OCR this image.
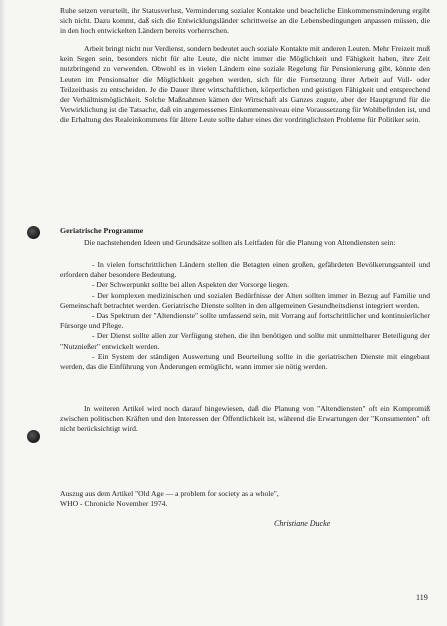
Ruhe setzen verurteilt, ihr Statusverlust, Verminderung sozialer Kontakte und beachtliche Einkommensminderung ergibt sich nicht. Dazu kommt, daß sich die Entwicklungsländer schrittweise an die Lebensbedingungen anpassen müssen, die in den hoch entwickelten Ländern bereits vorherrschen.

Arbeit bringt nicht nur Verdienst, sondern bedeutet auch soziale Kontakte mit anderen Leuten. Mehr Freizeit muß kein Segen sein, besonders nicht für alte Leute, die nicht immer die Möglichkeit und Fähigkeit haben, ihre Zeit nutzbringend zu verwenden. Obwohl es in vielen Ländern eine soziale Regelung für Pensionierung gibt, könnte den Leuten im Pensionsalter die Möglichkeit gegeben werden, sich für die Fortsetzung ihrer Arbeit auf Voll- oder Teilzeitbasis zu entscheiden. Je die Dauer ihrer wirtschaftlichen, körperlichen und geistigen Fähigkeit und entsprechend der Verhältnismöglichkeit. Solche Maßnahmen kämen der Wirtschaft als Ganzes zugute, aber der Hauptgrund für die Verwirklichung ist die Tatsache, daß ein angemessenes Einkommensniveau eine Voraussetzung für Wohlbefinden ist, und die Erhaltung des Realeinkommens für ältere Leute sollte daher eines der vordringlichsten Probleme für Politiker sein.

Geriatrische Programme

Die nachstehenden Ideen und Grundsätze sollten als Leitfaden für die Planung von Altendiensten sein:

- In vielen fortschrittlichen Ländern stellen die Betagten einen großen, gefährdeten Bevölkerungsanteil und erfordern daher besondere Bedeutung.

- Der Schwerpunkt sollte bei allen Aspekten der Vorsorge liegen.

- Der komplexen medizinischen und sozialen Bedürfnisse der Alten sollten immer in Bezug auf Familie und Gemeinschaft betrachtet werden. Geriatrische Dienste sollten in den allgemeinen Gesundheitsdienst integriert werden.

- Das Spektrum der "Altendienste" sollte umfassend sein, mit Vorrang auf fortschrittlicher und kontinuierlicher Fürsorge und Pflege.

- Der Dienst sollte allen zur Verfügung stehen, die ihn benötigen und sollte mit unmittelbarer Beteiligung der "Nutznießer" entwickelt werden.

- Ein System der ständigen Auswertung und Beurteilung sollte in die geriatrischen Dienste mit eingebaut werden, das die Einführung von Änderungen ermöglicht, wann immer sie nötig werden.

In weiteren Artikel wird noch darauf hingewiesen, daß die Planung von "Altendiensten" oft ein Kompromiß zwischen politischen Kräften und den Interessen der Öffentlichkeit ist, während die Erwartungen der "Konsumenten" oft nicht berücksichtigt wird.

Auszug aus dem Artikel "Old Age — a problem for society as a whole",

WHO - Chronicle November 1974.

Christiane Ducke

119
